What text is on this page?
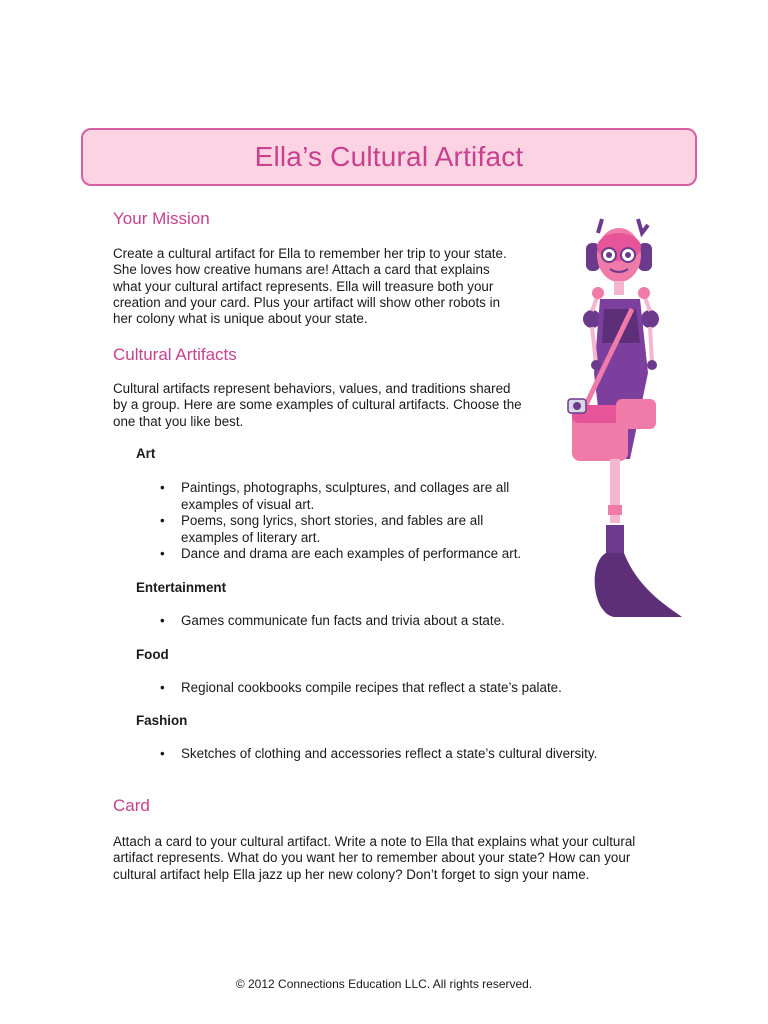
Ella’s Cultural Artifact
Your Mission

Create a cultural artifact for Ella to remember her trip to your state.
She loves how creative humans are! Attach a card that explains
what your cultural artifact represents. Ella will treasure both your
creation and your card. Plus your artifact will show other robots in
her colony what is unique about your state.

Cultural Artifacts

Cultural artifacts represent behaviors, values, and traditions shared
by a group. Here are some examples of cultural artifacts. Choose the
one that you like best.

Art

• Paintings, photographs, sculptures, and collages are all examples of visual art.
• Poems, song lyrics, short stories, and fables are all examples of literary art.
• Dance and drama are each examples of performance art.

Entertainment

• Games communicate fun facts and trivia about a state.

Food

• Regional cookbooks compile recipes that reflect a state’s palate.

Fashion

• Sketches of clothing and accessories reflect a state’s cultural diversity.
Card

Attach a card to your cultural artifact. Write a note to Ella that explains what your cultural
artifact represents. What do you want her to remember about your state? How can your
cultural artifact help Ella jazz up her new colony? Don’t forget to sign your name.

© 2012 Connections Education LLC. All rights reserved.
